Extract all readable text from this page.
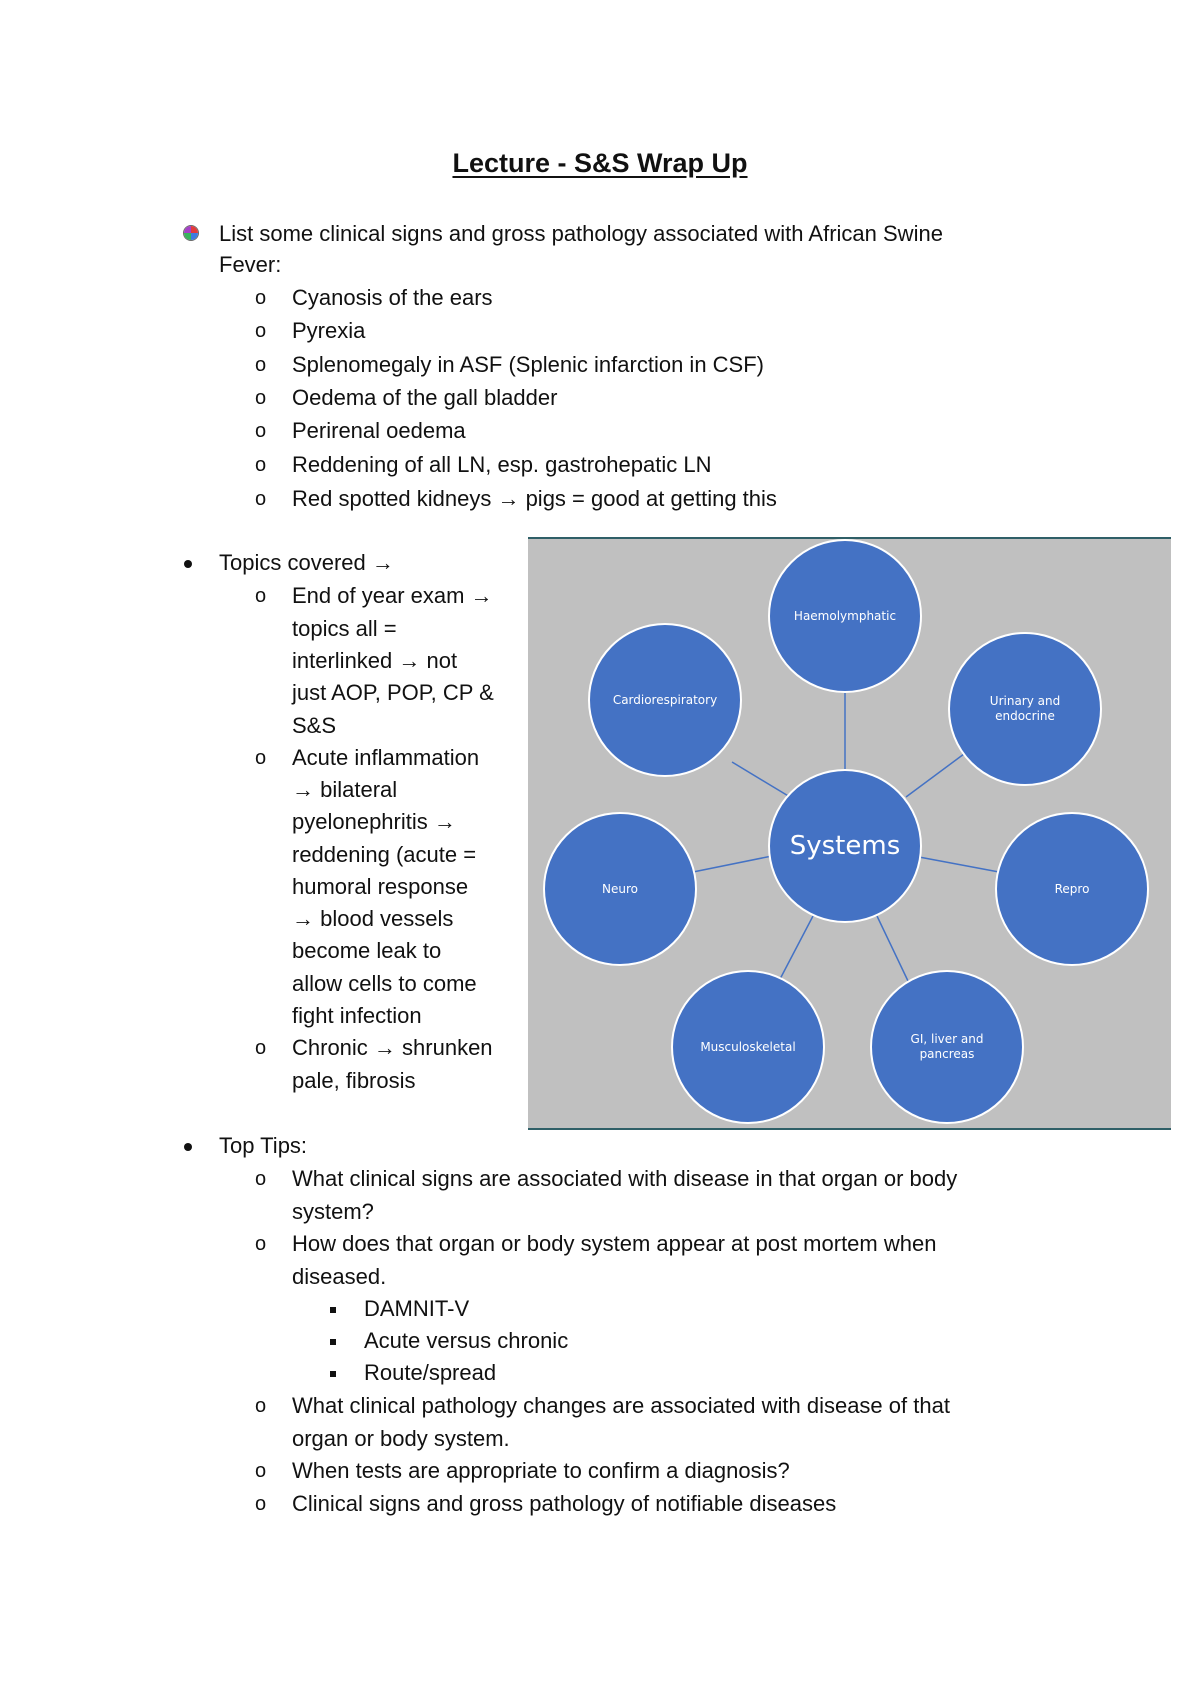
Lecture - S&S Wrap Up
List some clinical signs and gross pathology associated with African Swine
Fever:
o Cyanosis of the ears
o Pyrexia
o Splenomegaly in ASF (Splenic infarction in CSF)
o Oedema of the gall bladder
o Perirenal oedema
o Reddening of all LN, esp. gastrohepatic LN
o Red spotted kidneys → pigs = good at getting this
Topics covered →
o End of year exam →
topics all =
interlinked → not
just AOP, POP, CP &
S&S
o Acute inflammation
→ bilateral
pyelonephritis →
reddening (acute =
humoral response
→ blood vessels
become leak to
allow cells to come
fight infection
o Chronic → shrunken
pale, fibrosis
Haemolymphatic
Cardiorespiratory	Urinary and
endocrine
Systems
Neuro	Repro
Musculoskeletal
GI, liver and
pancreas
Top Tips:
o What clinical signs are associated with disease in that organ or body
system?
o How does that organ or body system appear at post mortem when
diseased.
DAMNIT-V
Acute versus chronic
Route/spread
o What clinical pathology changes are associated with disease of that
organ or body system.
o When tests are appropriate to confirm a diagnosis?
o Clinical signs and gross pathology of notifiable diseases
